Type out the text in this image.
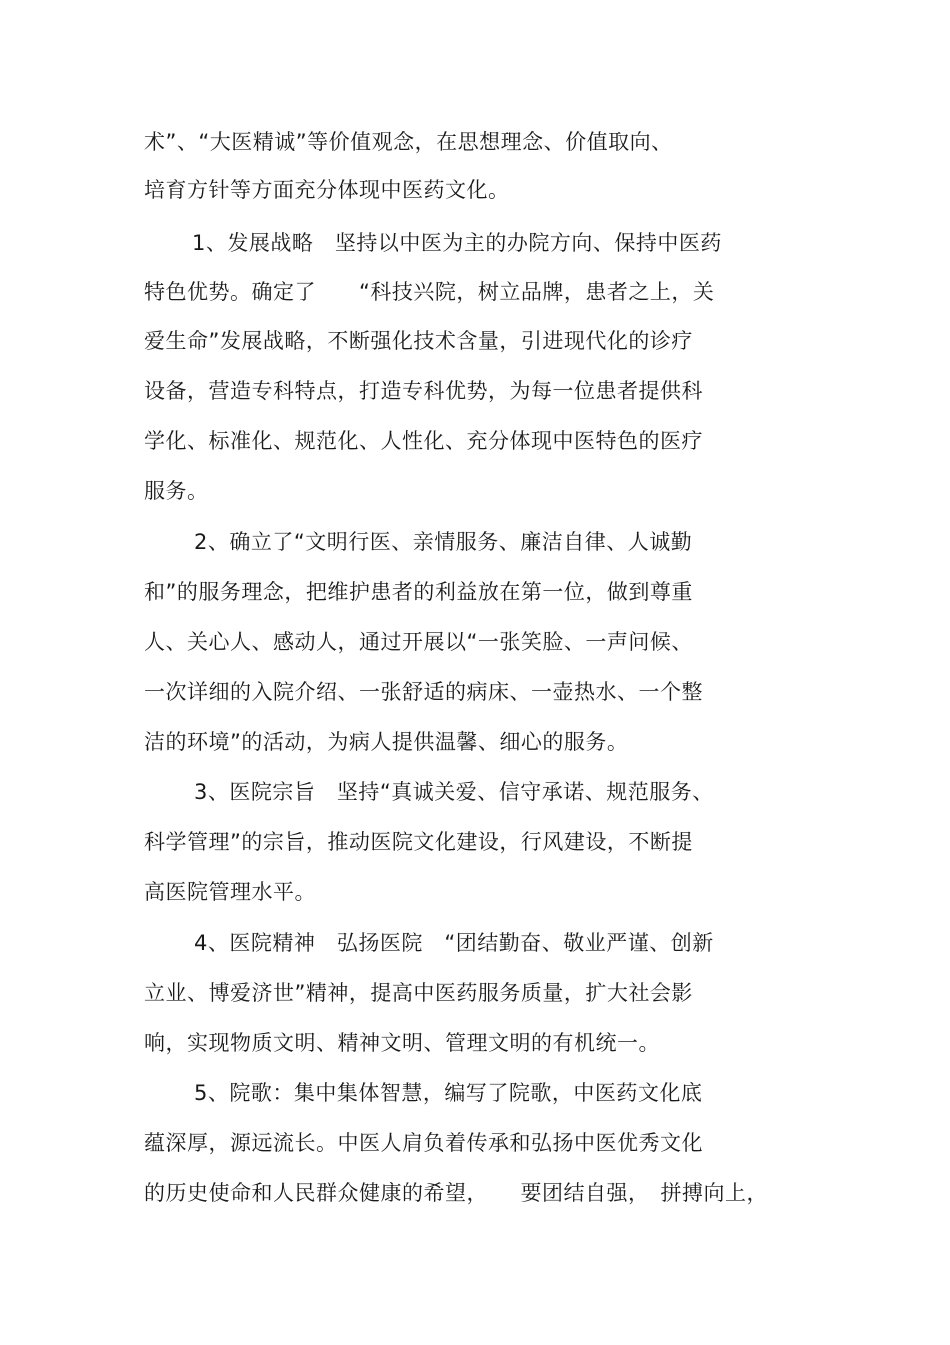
术”、“大医精诚”等价值观念，在思想理念、价值取向、
培育方针等方面充分体现中医药文化。
1、发展战略　坚持以中医为主的办院方向、保持中医药
特色优势。确定了　　“科技兴院，树立品牌，患者之上，关
爱生命”发展战略，不断强化技术含量，引进现代化的诊疗
设备，营造专科特点，打造专科优势，为每一位患者提供科
学化、标准化、规范化、人性化、充分体现中医特色的医疗
服务。
2、确立了“文明行医、亲情服务、廉洁自律、人诚勤
和”的服务理念，把维护患者的利益放在第一位，做到尊重
人、关心人、感动人，通过开展以“一张笑脸、一声问候、
一次详细的入院介绍、一张舒适的病床、一壶热水、一个整
洁的环境”的活动，为病人提供温馨、细心的服务。
3、医院宗旨　坚持“真诚关爱、信守承诺、规范服务、
科学管理”的宗旨，推动医院文化建设，行风建设，不断提
高医院管理水平。
4、医院精神　弘扬医院　“团结勤奋、敬业严谨、创新
立业、博爱济世”精神，提高中医药服务质量，扩大社会影
响，实现物质文明、精神文明、管理文明的有机统一。
5、院歌：集中集体智慧，编写了院歌，中医药文化底
蕴深厚，源远流长。中医人肩负着传承和弘扬中医优秀文化
的历史使命和人民群众健康的希望，　　要团结自强，　拼搏向上，
